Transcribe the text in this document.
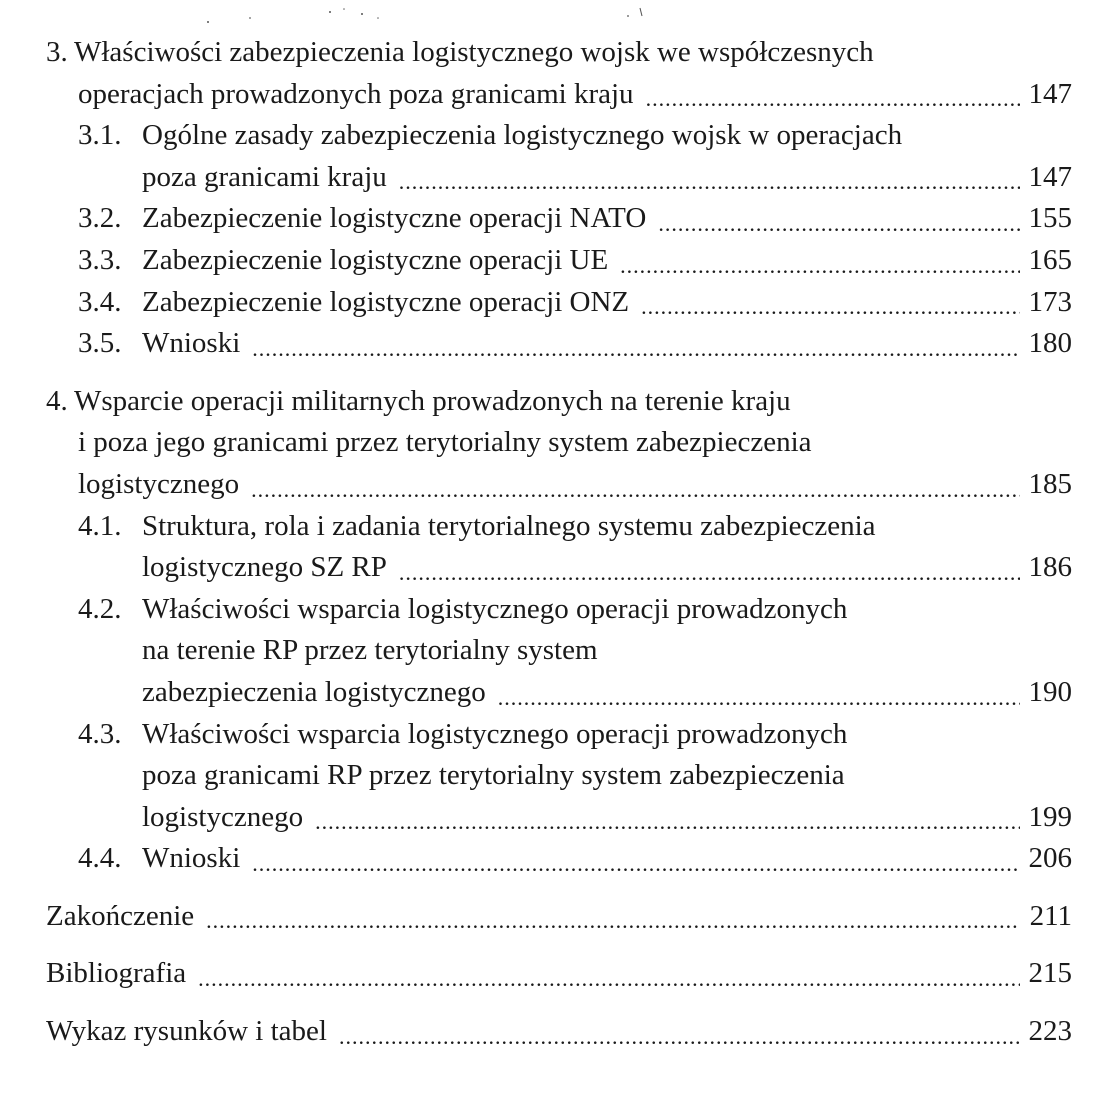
3. Właściwości zabezpieczenia logistycznego wojsk we współczesnych
operacjach prowadzonych poza granicami kraju .....	147
3.1. Ogólne zasady zabezpieczenia logistycznego wojsk w operacjach
poza granicami kraju .....	147
3.2. Zabezpieczenie logistyczne operacji NATO .....	155
3.3. Zabezpieczenie logistyczne operacji UE .....	165
3.4. Zabezpieczenie logistyczne operacji ONZ .....	173
3.5. Wnioski .....	180
4. Wsparcie operacji militarnych prowadzonych na terenie kraju
i poza jego granicami przez terytorialny system zabezpieczenia
logistycznego .....	185
4.1. Struktura, rola i zadania terytorialnego systemu zabezpieczenia
logistycznego SZ RP .....	186
4.2. Właściwości wsparcia logistycznego operacji prowadzonych
na terenie RP przez terytorialny system
zabezpieczenia logistycznego .....	190
4.3. Właściwości wsparcia logistycznego operacji prowadzonych
poza granicami RP przez terytorialny system zabezpieczenia
logistycznego .....	199
4.4. Wnioski .....	206
Zakończenie .....	211
Bibliografia .....	215
Wykaz rysunków i tabel .....	223
